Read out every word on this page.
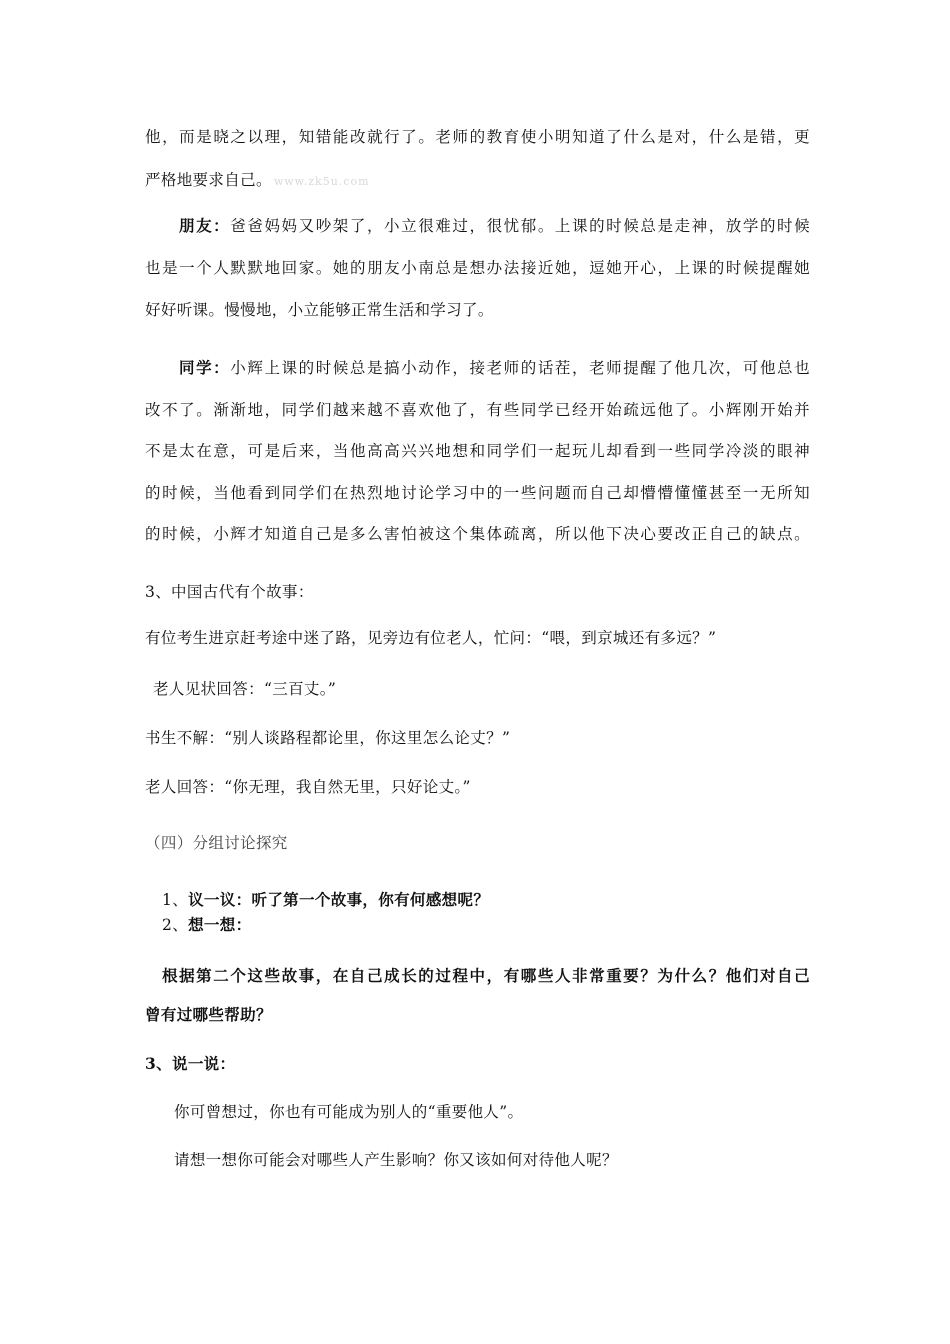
他，而是晓之以理，知错能改就行了。老师的教育使小明知道了什么是对，什么是错，更
严格地要求自己。 www.zk5u.com
朋友：爸爸妈妈又吵架了，小立很难过，很忧郁。上课的时候总是走神，放学的时候
也是一个人默默地回家。她的朋友小南总是想办法接近她，逗她开心，上课的时候提醒她
好好听课。慢慢地，小立能够正常生活和学习了。
同学：小辉上课的时候总是搞小动作，接老师的话茬，老师提醒了他几次，可他总也
改不了。渐渐地，同学们越来越不喜欢他了，有些同学已经开始疏远他了。小辉刚开始并
不是太在意，可是后来，当他高高兴兴地想和同学们一起玩儿却看到一些同学冷淡的眼神
的时候，当他看到同学们在热烈地讨论学习中的一些问题而自己却懵懵懂懂甚至一无所知
的时候，小辉才知道自己是多么害怕被这个集体疏离，所以他下决心要改正自己的缺点。
3、中国古代有个故事：
有位考生进京赶考途中迷了路，见旁边有位老人，忙问：“喂，到京城还有多远？”
老人见状回答：“三百丈。”
书生不解：“别人谈路程都论里，你这里怎么论丈？”
老人回答：“你无理，我自然无里，只好论丈。”
（四）分组讨论探究
1、议一议：听了第一个故事，你有何感想呢？
2、想一想：
根据第二个这些故事，在自己成长的过程中，有哪些人非常重要？为什么？他们对自己
曾有过哪些帮助？
3、说一说：
你可曾想过，你也有可能成为别人的“重要他人”。
请想一想你可能会对哪些人产生影响？你又该如何对待他人呢？
